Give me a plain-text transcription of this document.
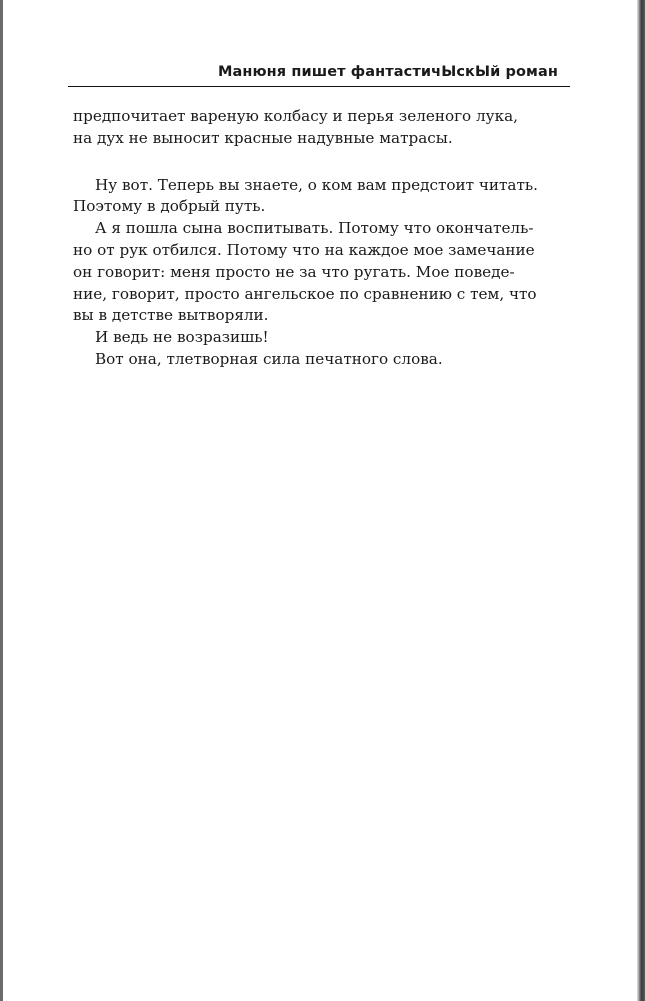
Манюня пишет фантастичЫскЫй роман
предпочитает вареную колбасу и перья зеленого лука,
на дух не выносит красные надувные матрасы.
Ну вот. Теперь вы знаете, о ком вам предстоит читать.
Поэтому в добрый путь.
А я пошла сына воспитывать. Потому что окончатель-
но от рук отбился. Потому что на каждое мое замечание
он говорит: меня просто не за что ругать. Мое поведе-
ние, говорит, просто ангельское по сравнению с тем, что
вы в детстве вытворяли.
И ведь не возразишь!
Вот она, тлетворная сила печатного слова.
